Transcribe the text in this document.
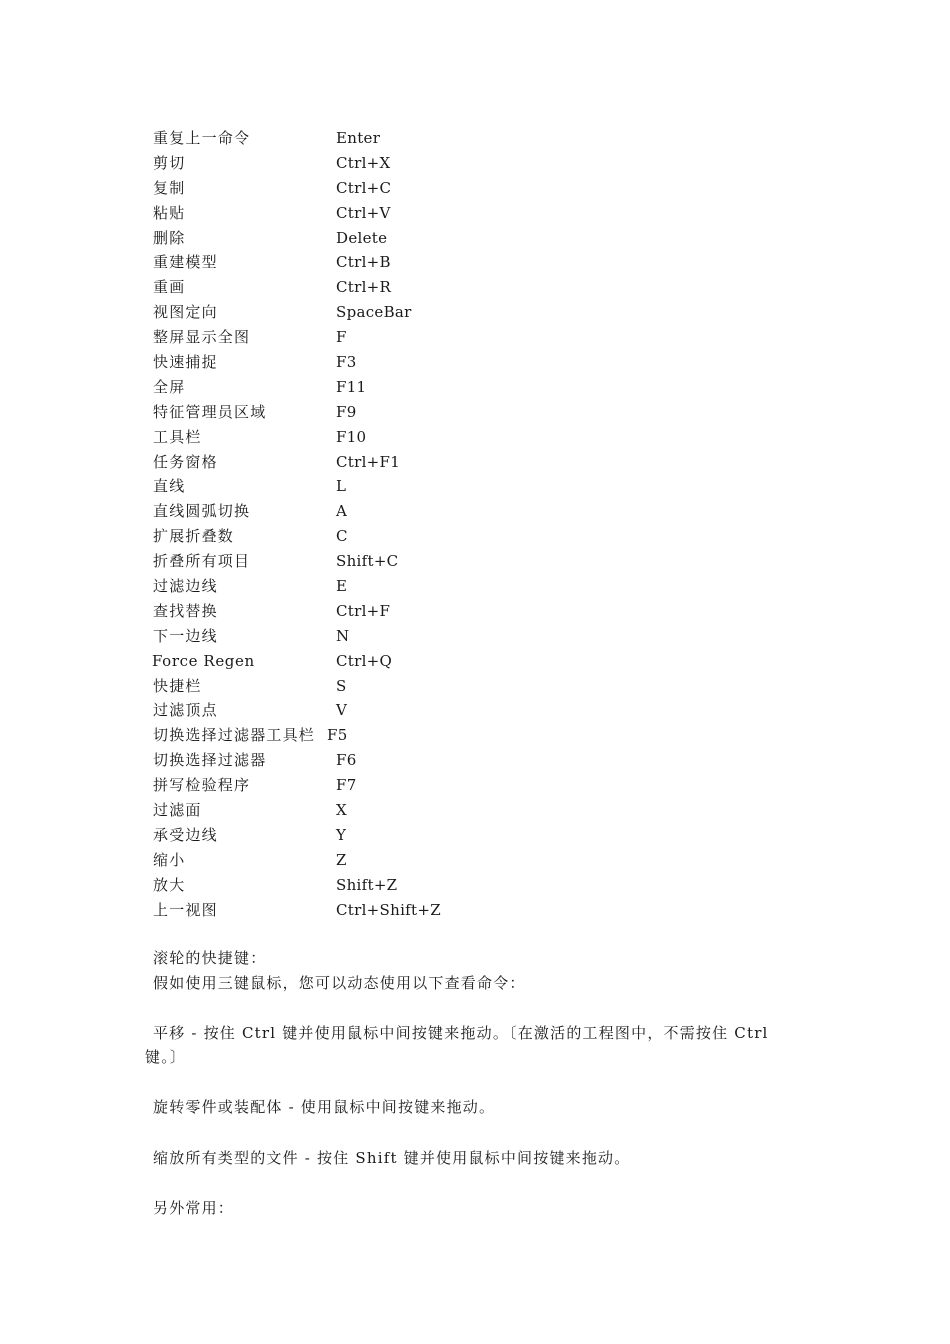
重复上一命令	Enter
剪切	Ctrl+X
复制	Ctrl+C
粘贴	Ctrl+V
删除	Delete
重建模型	Ctrl+B
重画	Ctrl+R
视图定向	SpaceBar
整屏显示全图	F
快速捕捉	F3
全屏	F11
特征管理员区域	F9
工具栏	F10
任务窗格	Ctrl+F1
直线	L
直线圆弧切换	A
扩展折叠数	C
折叠所有项目	Shift+C
过滤边线	E
查找替换	Ctrl+F
下一边线	N
Force Regen	Ctrl+Q
快捷栏	S
过滤顶点	V
切换选择过滤器工具栏 F5
切换选择过滤器	F6
拼写检验程序	F7
过滤面	X
承受边线	Y
缩小	Z
放大	Shift+Z
上一视图	Ctrl+Shift+Z
滚轮的快捷键：
假如使用三键鼠标，您可以动态使用以下查看命令：
平移 - 按住 Ctrl 键并使用鼠标中间按键来拖动。〔在激活的工程图中，不需按住 Ctrl
键。〕
旋转零件或装配体 - 使用鼠标中间按键来拖动。
缩放所有类型的文件 - 按住 Shift 键并使用鼠标中间按键来拖动。
另外常用：
